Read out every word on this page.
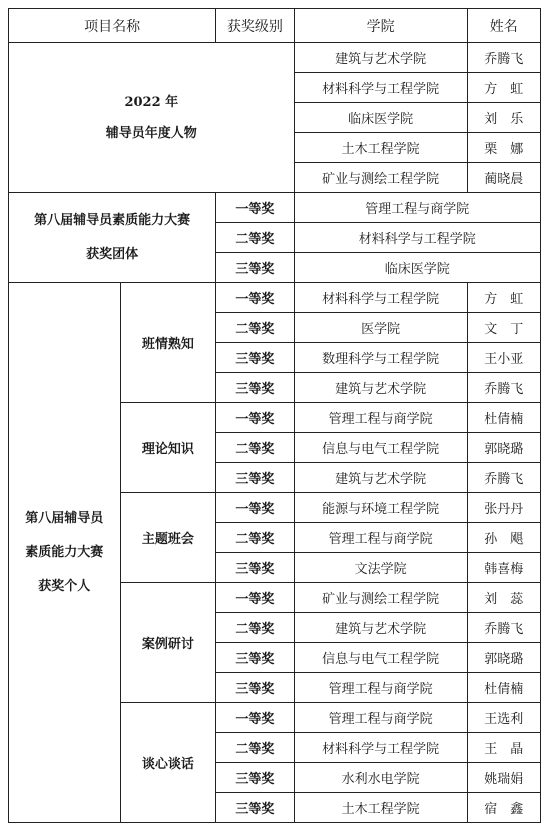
项目名称		获奖级别	学院	姓名

2022 年
辅导员年度人物			建筑与艺术学院	乔腾飞
			材料科学与工程学院	方　虹
			临床医学院	刘　乐
			土木工程学院	栗　娜
			矿业与测绘工程学院	蔺晓晨

第八届辅导员素质能力大赛
获奖团体		一等奖	管理工程与商学院	
		二等奖	材料科学与工程学院	
		三等奖	临床医学院	

第八届辅导员
素质能力大赛
获奖个人	班情熟知	一等奖	材料科学与工程学院	方　虹
		二等奖	医学院	文　丁
		三等奖	数理科学与工程学院	王小亚
		三等奖	建筑与艺术学院	乔腾飞
	理论知识	一等奖	管理工程与商学院	杜倩楠
		二等奖	信息与电气工程学院	郭晓璐
		三等奖	建筑与艺术学院	乔腾飞
	主题班会	一等奖	能源与环境工程学院	张丹丹
		二等奖	管理工程与商学院	孙　飓
		三等奖	文法学院	韩喜梅
	案例研讨	一等奖	矿业与测绘工程学院	刘　蕊
		二等奖	建筑与艺术学院	乔腾飞
		三等奖	信息与电气工程学院	郭晓璐
		三等奖	管理工程与商学院	杜倩楠
	谈心谈话	一等奖	管理工程与商学院	王选利
		二等奖	材料科学与工程学院	王　晶
		三等奖	水利水电学院	姚瑞娟
		三等奖	土木工程学院	宿　鑫
